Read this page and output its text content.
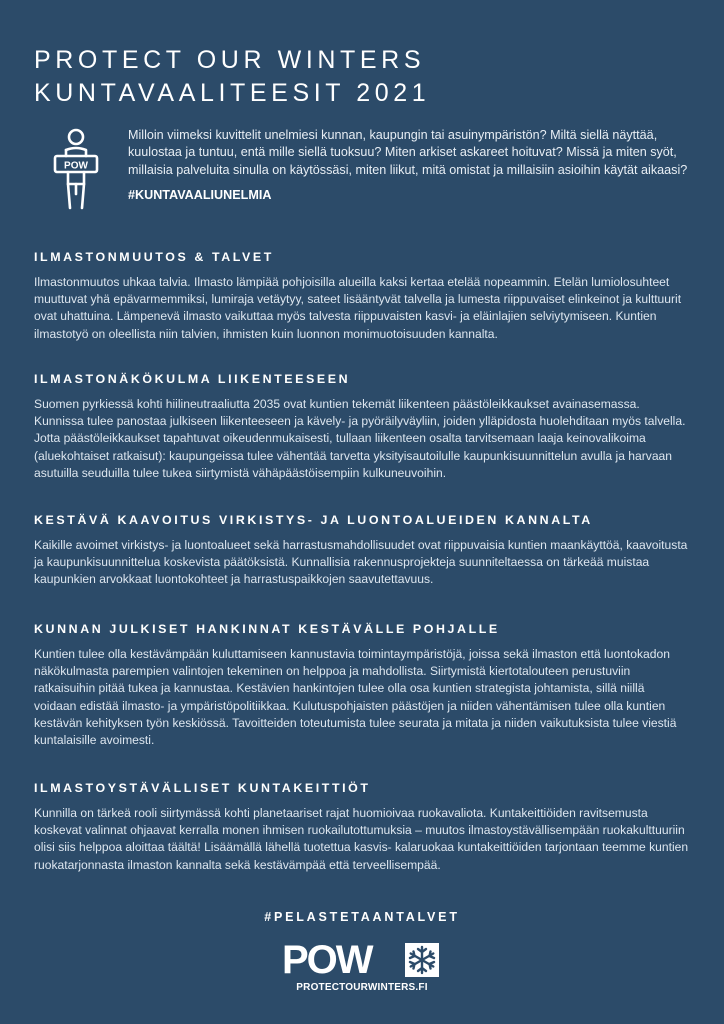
PROTECT OUR WINTERS
KUNTAVAALITEESIT 2021
POW

Milloin viimeksi kuvittelit unelmiesi kunnan, kaupungin tai asuinympäristön? Miltä siellä näyttää, kuulostaa ja tuntuu, entä mille siellä tuoksuu? Miten arkiset askareet hoituvat? Missä ja miten syöt, millaisia palveluita sinulla on käytössäsi, miten liikut, mitä omistat ja millaisiin asioihin käytät aikaasi?

#KUNTAVAALIUNELMIA

ILMASTONMUUTOS & TALVET

Ilmastonmuutos uhkaa talvia. Ilmasto lämpiää pohjoisilla alueilla kaksi kertaa etelää nopeammin. Etelän lumiolosuhteet muuttuvat yhä epävarmemmiksi, lumiraja vetäytyy, sateet lisääntyvät talvella ja lumesta riippuvaiset elinkeinot ja kulttuurit ovat uhattuina. Lämpenevä ilmasto vaikuttaa myös talvesta riippuvaisten kasvi- ja eläinlajien selviytymiseen. Kuntien ilmastotyö on oleellista niin talvien, ihmisten kuin luonnon monimuotoisuuden kannalta.

ILMASTONÄKÖKULMA LIIKENTEESEEN

Suomen pyrkiessä kohti hiilineutraaliutta 2035 ovat kuntien tekemät liikenteen päästöleikkaukset avainasemassa. Kunnissa tulee panostaa julkiseen liikenteeseen ja kävely- ja pyöräilyväyliin, joiden ylläpidosta huolehditaan myös talvella. Jotta päästöleikkaukset tapahtuvat oikeudenmukaisesti, tullaan liikenteen osalta tarvitsemaan laaja keinovalikoima (aluekohtaiset ratkaisut): kaupungeissa tulee vähentää tarvetta yksityisautoilulle kaupunkisuunnittelun avulla ja harvaan asutuilla seuduilla tulee tukea siirtymistä vähäpäästöisempiin kulkuneuvoihin.

KESTÄVÄ KAAVOITUS VIRKISTYS- JA LUONTOALUEIDEN KANNALTA

Kaikille avoimet virkistys- ja luontoalueet sekä harrastusmahdollisuudet ovat riippuvaisia kuntien maankäyttöä, kaavoitusta ja kaupunkisuunnittelua koskevista päätöksistä. Kunnallisia rakennusprojekteja suunniteltaessa on tärkeää muistaa kaupunkien arvokkaat luontokohteet ja harrastuspaikkojen saavutettavuus.

KUNNAN JULKISET HANKINNAT KESTÄVÄLLE POHJALLE

Kuntien tulee olla kestävämpään kuluttamiseen kannustavia toimintaympäristöjä, joissa sekä ilmaston että luontokadon näkökulmasta parempien valintojen tekeminen on helppoa ja mahdollista. Siirtymistä kiertotalouteen perustuviin ratkaisuihin pitää tukea ja kannustaa. Kestävien hankintojen tulee olla osa kuntien strategista johtamista, sillä niillä voidaan edistää ilmasto- ja ympäristöpolitiikkaa. Kulutuspohjaisten päästöjen ja niiden vähentämisen tulee olla kuntien kestävän kehityksen työn keskiössä. Tavoitteiden toteutumista tulee seurata ja mitata ja niiden vaikutuksista tulee viestiä kuntalaisille avoimesti.

ILMASTOYSTÄVÄLLISET KUNTAKEITTIÖT

Kunnilla on tärkeä rooli siirtymässä kohti planetaariset rajat huomioivaa ruokavaliota. Kuntakeittiöiden ravitsemusta koskevat valinnat ohjaavat kerralla monen ihmisen ruokailutottumuksia – muutos ilmastoystävällisempään ruokakulttuuriin olisi siis helppoa aloittaa täältä! Lisäämällä lähellä tuotettua kasvis- kalaruokaa kuntakeittiöiden tarjontaan teemme kuntien ruokatarjonnasta ilmaston kannalta sekä kestävämpää että terveellisempää.

#PELASTETAANTALVET
POW
PROTECTOURWINTERS.FI
